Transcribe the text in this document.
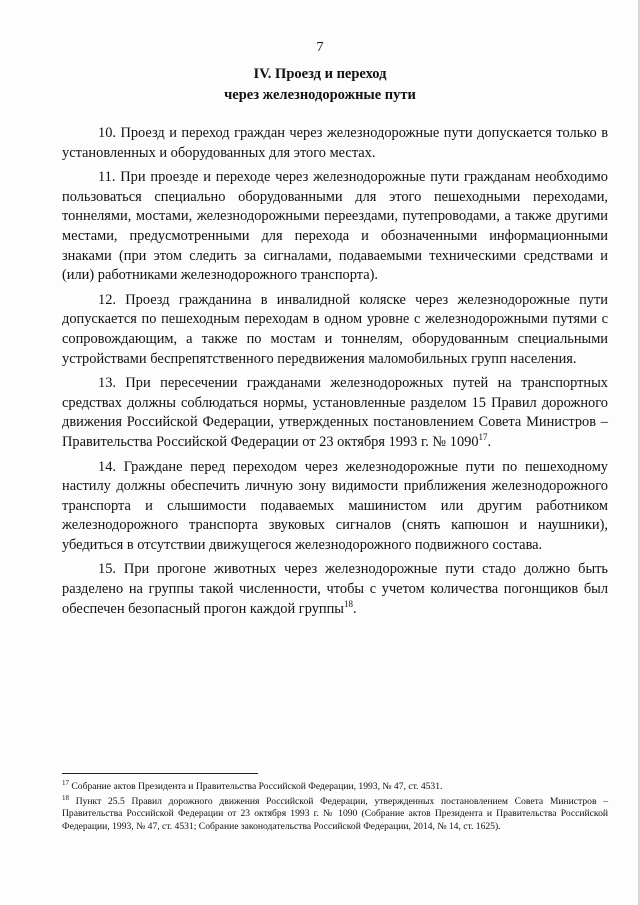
7
IV. Проезд и переход
через железнодорожные пути

10. Проезд и переход граждан через железнодорожные пути допускается только в установленных и оборудованных для этого местах.

11. При проезде и переходе через железнодорожные пути гражданам необходимо пользоваться специально оборудованными для этого пешеходными переходами, тоннелями, мостами, железнодорожными переездами, путепроводами, а также другими местами, предусмотренными для перехода и обозначенными информационными знаками (при этом следить за сигналами, подаваемыми техническими средствами и (или) работниками железнодорожного транспорта).

12. Проезд гражданина в инвалидной коляске через железнодорожные пути допускается по пешеходным переходам в одном уровне с железнодорожными путями с сопровождающим, а также по мостам и тоннелям, оборудованным специальными устройствами беспрепятственного передвижения маломобильных групп населения.

13. При пересечении гражданами железнодорожных путей на транспортных средствах должны соблюдаться нормы, установленные разделом 15 Правил дорожного движения Российской Федерации, утвержденных постановлением Совета Министров – Правительства Российской Федерации от 23 октября 1993 г. № 1090$^{17}$.

14. Граждане перед переходом через железнодорожные пути по пешеходному настилу должны обеспечить личную зону видимости приближения железнодорожного транспорта и слышимости подаваемых машинистом или другим работником железнодорожного транспорта звуковых сигналов (снять капюшон и наушники), убедиться в отсутствии движущегося железнодорожного подвижного состава.

15. При прогоне животных через железнодорожные пути стадо должно быть разделено на группы такой численности, чтобы с учетом количества погонщиков был обеспечен безопасный прогон каждой группы$^{18}$.

$^{17}$ Собрание актов Президента и Правительства Российской Федерации, 1993, № 47, ст. 4531.

$^{18}$ Пункт 25.5 Правил дорожного движения Российской Федерации, утвержденных постановлением Совета Министров – Правительства Российской Федерации от 23 октября 1993 г. № 1090 (Собрание актов Президента и Правительства Российской Федерации, 1993, № 47, ст. 4531; Собрание законодательства Российской Федерации, 2014, № 14, ст. 1625).
